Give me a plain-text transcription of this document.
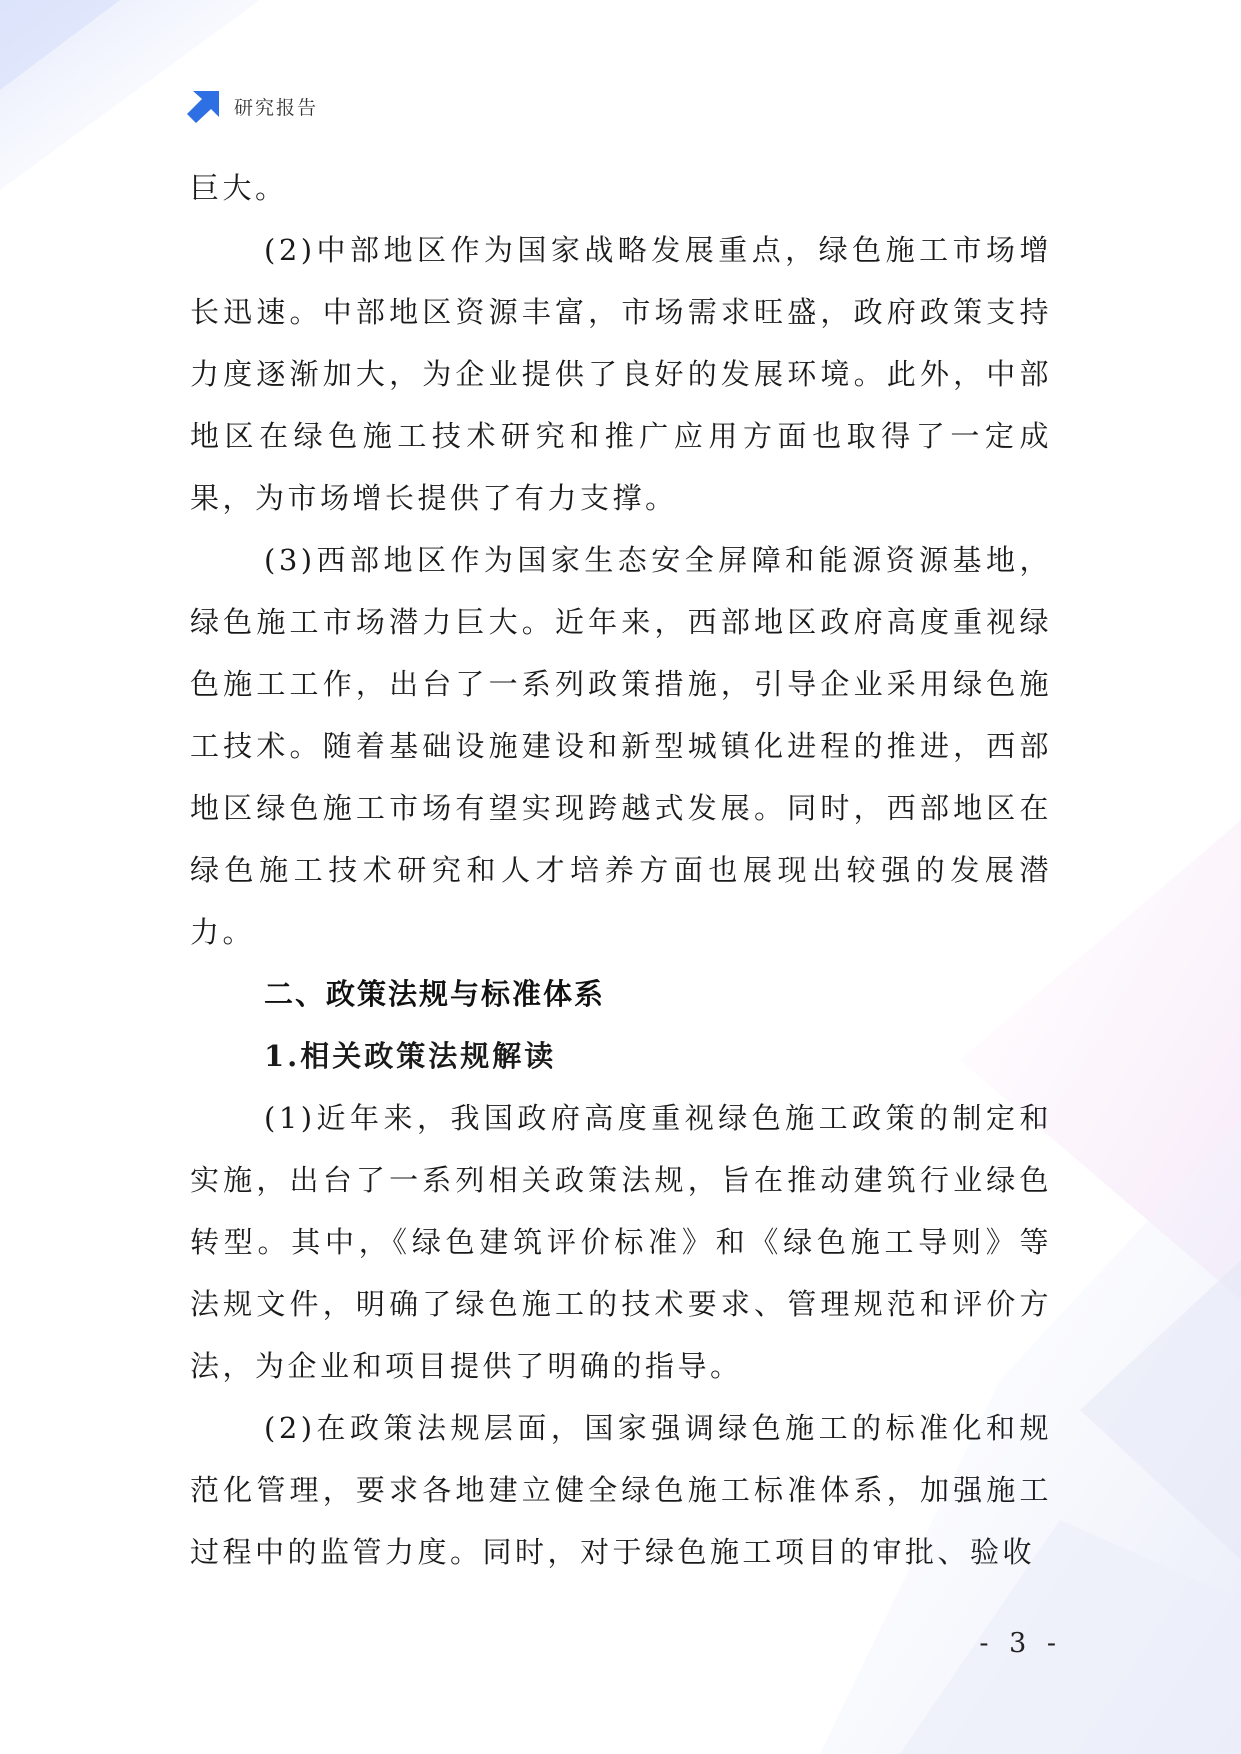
研究报告

巨大。

(2)中部地区作为国家战略发展重点，绿色施工市场增长迅速。中部地区资源丰富，市场需求旺盛，政府政策支持力度逐渐加大，为企业提供了良好的发展环境。此外，中部地区在绿色施工技术研究和推广应用方面也取得了一定成果，为市场增长提供了有力支撑。

(3)西部地区作为国家生态安全屏障和能源资源基地，绿色施工市场潜力巨大。近年来，西部地区政府高度重视绿色施工工作，出台了一系列政策措施，引导企业采用绿色施工技术。随着基础设施建设和新型城镇化进程的推进，西部地区绿色施工市场有望实现跨越式发展。同时，西部地区在绿色施工技术研究和人才培养方面也展现出较强的发展潜力。

二、政策法规与标准体系
1.相关政策法规解读

(1)近年来，我国政府高度重视绿色施工政策的制定和实施，出台了一系列相关政策法规，旨在推动建筑行业绿色转型。其中，《绿色建筑评价标准》和《绿色施工导则》等法规文件，明确了绿色施工的技术要求、管理规范和评价方法，为企业和项目提供了明确的指导。

(2)在政策法规层面，国家强调绿色施工的标准化和规范化管理，要求各地建立健全绿色施工标准体系，加强施工过程中的监管力度。同时，对于绿色施工项目的审批、验收

- 3 -
